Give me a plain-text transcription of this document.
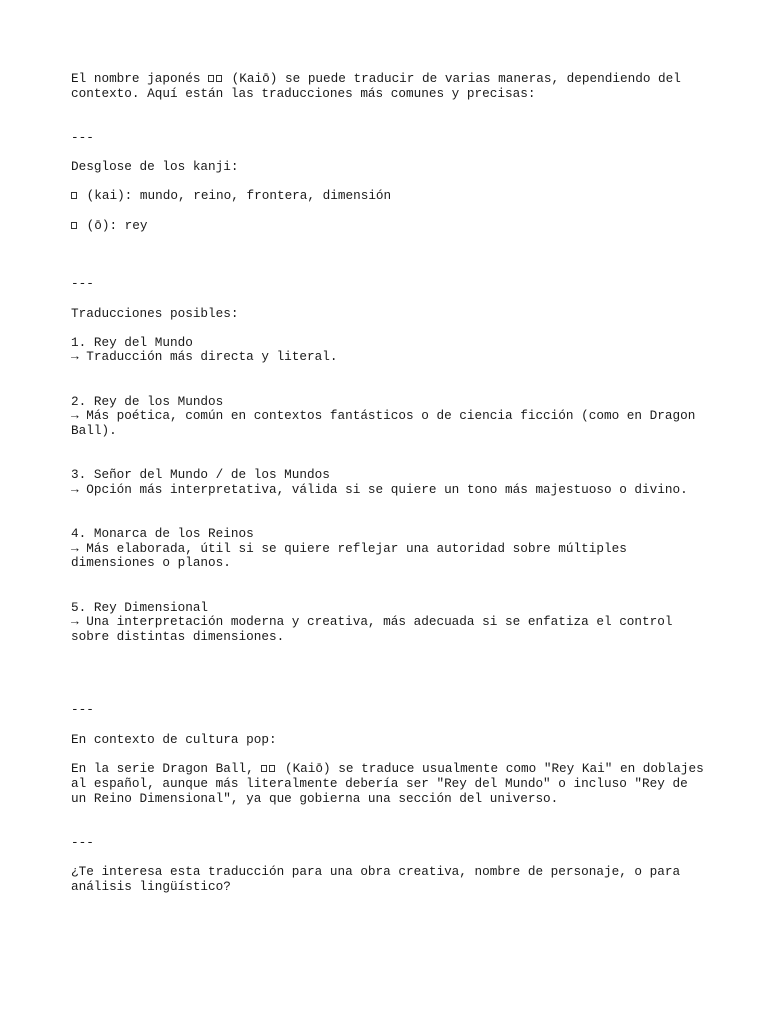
El nombre japonés  (Kaiō) se puede traducir de varias maneras, dependiendo del
contexto. Aquí están las traducciones más comunes y precisas:
---
Desglose de los kanji:
(kai): mundo, reino, frontera, dimensión
(ō): rey
---
Traducciones posibles:
1. Rey del Mundo
→ Traducción más directa y literal.
2. Rey de los Mundos
→ Más poética, común en contextos fantásticos o de ciencia ficción (como en Dragon
Ball).
3. Señor del Mundo / de los Mundos
→ Opción más interpretativa, válida si se quiere un tono más majestuoso o divino.
4. Monarca de los Reinos
→ Más elaborada, útil si se quiere reflejar una autoridad sobre múltiples
dimensiones o planos.
5. Rey Dimensional
→ Una interpretación moderna y creativa, más adecuada si se enfatiza el control
sobre distintas dimensiones.
---
En contexto de cultura pop:
En la serie Dragon Ball,  (Kaiō) se traduce usualmente como "Rey Kai" en doblajes
al español, aunque más literalmente debería ser "Rey del Mundo" o incluso "Rey de
un Reino Dimensional", ya que gobierna una sección del universo.
---
¿Te interesa esta traducción para una obra creativa, nombre de personaje, o para
análisis lingüístico?
